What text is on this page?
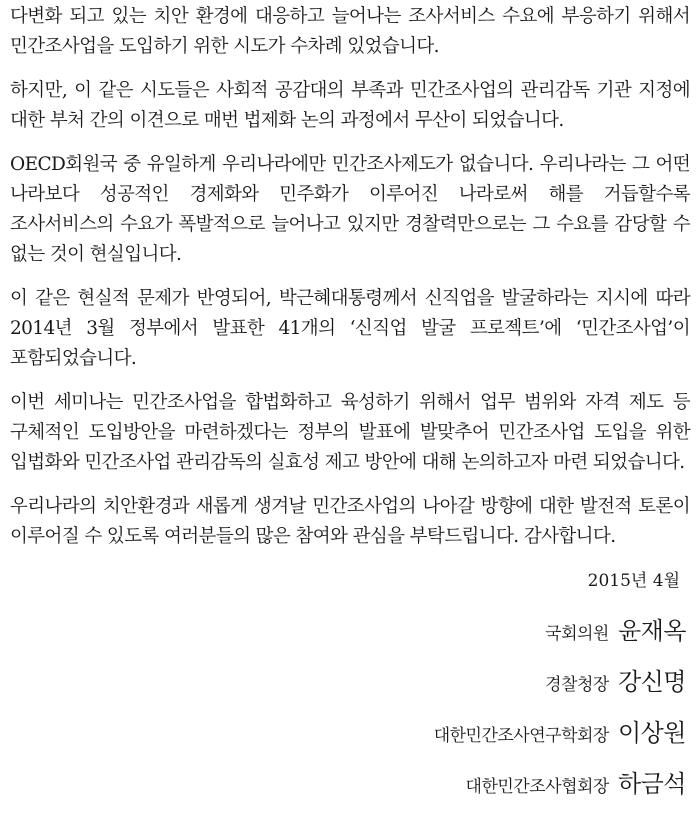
다변화 되고 있는 치안 환경에 대응하고 늘어나는 조사서비스 수요에 부응하기 위해서 민간조사업을 도입하기 위한 시도가 수차례 있었습니다.

하지만, 이 같은 시도들은 사회적 공감대의 부족과 민간조사업의 관리감독 기관 지정에 대한 부처 간의 이견으로 매번 법제화 논의 과정에서 무산이 되었습니다.

OECD회원국 중 유일하게 우리나라에만 민간조사제도가 없습니다. 우리나라는 그 어떤 나라보다 성공적인 경제화와 민주화가 이루어진 나라로써 해를 거듭할수록 조사서비스의 수요가 폭발적으로 늘어나고 있지만 경찰력만으로는 그 수요를 감당할 수 없는 것이 현실입니다.

이 같은 현실적 문제가 반영되어, 박근혜대통령께서 신직업을 발굴하라는 지시에 따라 2014년 3월 정부에서 발표한 41개의 ‘신직업 발굴 프로젝트’에 ‘민간조사업’이 포함되었습니다.

이번 세미나는 민간조사업을 합법화하고 육성하기 위해서 업무 범위와 자격 제도 등 구체적인 도입방안을 마련하겠다는 정부의 발표에 발맞추어 민간조사업 도입을 위한 입법화와 민간조사업 관리감독의 실효성 제고 방안에 대해 논의하고자 마련 되었습니다.

우리나라의 치안환경과 새롭게 생겨날 민간조사업의 나아갈 방향에 대한 발전적 토론이 이루어질 수 있도록 여러분들의 많은 참여와 관심을 부탁드립니다. 감사합니다.

2015년 4월

국회의원 윤재옥

경찰청장 강신명

대한민간조사연구학회장 이상원

대한민간조사협회장 하금석
